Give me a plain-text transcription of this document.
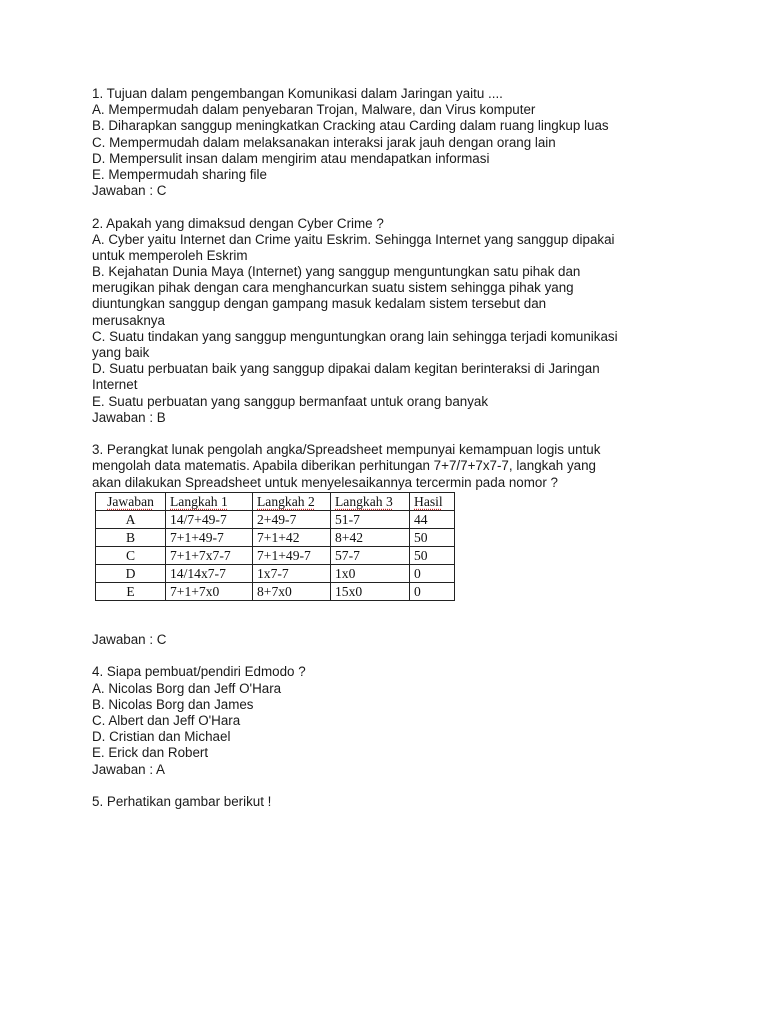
1. Tujuan dalam pengembangan Komunikasi dalam Jaringan yaitu ....
A. Mempermudah dalam penyebaran Trojan, Malware, dan Virus komputer
B. Diharapkan sanggup meningkatkan Cracking atau Carding dalam ruang lingkup luas
C. Mempermudah dalam melaksanakan interaksi jarak jauh dengan orang lain
D. Mempersulit insan dalam mengirim atau mendapatkan informasi
E. Mempermudah sharing file
Jawaban : C
2. Apakah yang dimaksud dengan Cyber Crime ?
A. Cyber yaitu Internet dan Crime yaitu Eskrim. Sehingga Internet yang sanggup dipakai
untuk memperoleh Eskrim
B. Kejahatan Dunia Maya (Internet) yang sanggup menguntungkan satu pihak dan
merugikan pihak dengan cara menghancurkan suatu sistem sehingga pihak yang
diuntungkan sanggup dengan gampang masuk kedalam sistem tersebut dan
merusaknya
C. Suatu tindakan yang sanggup menguntungkan orang lain sehingga terjadi komunikasi
yang baik
D. Suatu perbuatan baik yang sanggup dipakai dalam kegitan berinteraksi di Jaringan
Internet
E. Suatu perbuatan yang sanggup bermanfaat untuk orang banyak
Jawaban : B
3. Perangkat lunak pengolah angka/Spreadsheet mempunyai kemampuan logis untuk
mengolah data matematis. Apabila diberikan perhitungan 7+7/7+7x7-7, langkah yang
akan dilakukan Spreadsheet untuk menyelesaikannya tercermin pada nomor ?
Jawaban	Langkah 1	Langkah 2	Langkah 3	Hasil
A	14/7+49-7	2+49-7	51-7	44
B	7+1+49-7	7+1+42	8+42	50
C	7+1+7x7-7	7+1+49-7	57-7	50
D	14/14x7-7	1x7-7	1x0	0
E	7+1+7x0	8+7x0	15x0	0
Jawaban : C
4. Siapa pembuat/pendiri Edmodo ?
A. Nicolas Borg dan Jeff O'Hara
B. Nicolas Borg dan James
C. Albert dan Jeff O'Hara
D. Cristian dan Michael
E. Erick dan Robert
Jawaban : A
5. Perhatikan gambar berikut !
